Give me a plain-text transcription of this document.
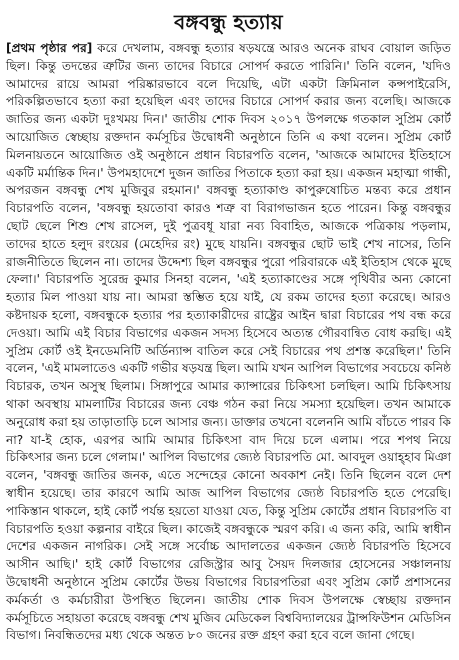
বঙ্গবন্ধু হত্যায়

[প্রথম পৃষ্ঠার পর] করে দেখলাম, বঙ্গবন্ধু হত্যার ষড়যন্ত্রে আরও অনেক রাঘব বোয়াল জড়িত ছিল। কিন্তু তদন্তের ত্রুটির জন্য তাদের বিচারে সোপর্দ করতে পারিনি।' তিনি বলেন, 'যদিও আমাদের রায়ে আমরা পরিষ্কারভাবে বলে দিয়েছি, এটা একটা ক্রিমিনাল কন্সপাইরেসি, পরিকল্পিতভাবে হত্যা করা হয়েছিল এবং তাদের বিচারে সোপর্দ করার জন্য বলেছি। আজকে জাতির জন্য একটা দুঃখময় দিন।' জাতীয় শোক দিবস ২০১৭ উপলক্ষে গতকাল সুপ্রিম কোর্ট আয়োজিত স্বেচ্ছায় রক্তদান কর্মসূচির উদ্বোধনী অনুষ্ঠানে তিনি এ কথা বলেন। সুপ্রিম কোর্ট মিলনায়তনে আয়োজিত ওই অনুষ্ঠানে প্রধান বিচারপতি বলেন, 'আজকে আমাদের ইতিহাসে একটি মর্মান্তিক দিন।' উপমহাদেশে দুজন জাতির পিতাকে হত্যা করা হয়। একজন মহাত্মা গান্ধী, অপরজন বঙ্গবন্ধু শেখ মুজিবুর রহমান।' বঙ্গবন্ধু হত্যাকাণ্ড কাপুরুষোচিত মন্তব্য করে প্রধান বিচারপতি বলেন, 'বঙ্গবন্ধু হয়তোবা কারও শত্রু বা বিরাগভাজন হতে পারেন। কিন্তু বঙ্গবন্ধুর ছোট ছেলে শিশু শেখ রাসেল, দুই পুত্রবধূ যারা নব্য বিবাহিত, আজকে পত্রিকায় পড়লাম, তাদের হাতে হলুদ রংয়ের (মেহেদির রং) মুছে যায়নি। বঙ্গবন্ধুর ছোট ভাই শেখ নাসের, তিনি রাজনীতিতে ছিলেন না। তাদের উদ্দেশ্য ছিল বঙ্গবন্ধুর পুরো পরিবারকে এই ইতিহাস থেকে মুছে ফেলা।' বিচারপতি সুরেন্দ্র কুমার সিনহা বলেন, 'এই হত্যাকাণ্ডের সঙ্গে পৃথিবীর অন্য কোনো হত্যার মিল পাওয়া যায় না। আমরা স্তম্ভিত হয়ে যাই, যে রকম তাদের হত্যা করেছে। আরও কষ্টদায়ক হলো, বঙ্গবন্ধুকে হত্যার পর হত্যাকারীদের রাষ্ট্রের আইন দ্বারা বিচারের পথ বন্ধ করে দেওয়া। আমি এই বিচার বিভাগের একজন সদস্য হিসেবে অত্যন্ত গৌরবান্বিত বোধ করছি। এই সুপ্রিম কোর্ট ওই ইনডেমনিটি অর্ডিন্যান্স বাতিল করে সেই বিচারের পথ প্রশস্ত করেছিল।' তিনি বলেন, 'এই মামলাতেও একটি গভীর ষড়যন্ত্র ছিল। আমি যখন আপিল বিভাগের সবচেয়ে কনিষ্ঠ বিচারক, তখন অসুস্থ ছিলাম। সিঙ্গাপুরে আমার ক্যান্সারের চিকিৎসা চলছিল। আমি চিকিৎসায় থাকা অবস্থায় মামলাটির বিচারের জন্য বেঞ্চ গঠন করা নিয়ে সমস্যা হয়েছিল। তখন আমাকে অনুরোধ করা হয় তাড়াতাড়ি চলে আসার জন্য। ডাক্তার তখনো বলেননি আমি বাঁচতে পারব কি না? যা-ই হোক, এরপর আমি আমার চিকিৎসা বাদ দিয়ে চলে এলাম। পরে শপথ নিয়ে চিকিৎসার জন্য চলে গেলাম।' আপিল বিভাগের জ্যেষ্ঠ বিচারপতি মো. আবদুল ওয়াহ্হাব মিঞা বলেন, 'বঙ্গবন্ধু জাতির জনক, এতে সন্দেহের কোনো অবকাশ নেই। তিনি ছিলেন বলে দেশ স্বাধীন হয়েছে। তার কারণে আমি আজ আপিল বিভাগের জ্যেষ্ঠ বিচারপতি হতে পেরেছি। পাকিস্তান থাকলে, হাই কোর্ট পর্যন্ত হয়তো যাওয়া যেত, কিন্তু সুপ্রিম কোর্টের প্রধান বিচারপতি বা বিচারপতি হওয়া কল্পনার বাইরে ছিল। কাজেই বঙ্গবন্ধুকে স্মরণ করি। এ জন্য করি, আমি স্বাধীন দেশের একজন নাগরিক। সেই সঙ্গে সর্বোচ্চ আদালতের একজন জ্যেষ্ঠ বিচারপতি হিসেবে আসীন আছি।' হাই কোর্ট বিভাগের রেজিস্ট্রার আবু সৈয়দ দিলজার হোসেনের সঞ্চালনায় উদ্বোধনী অনুষ্ঠানে সুপ্রিম কোর্টের উভয় বিভাগের বিচারপতিরা এবং সুপ্রিম কোর্ট প্রশাসনের কর্মকর্তা ও কর্মচারীরা উপস্থিত ছিলেন। জাতীয় শোক দিবস উপলক্ষে স্বেচ্ছায় রক্তদান কর্মসূচিতে সহায়তা করেছে বঙ্গবন্ধু শেখ মুজিব মেডিকেল বিশ্ববিদ্যালয়ের ট্রান্সফিউশন মেডিসিন বিভাগ। নিবন্ধিতদের মধ্য থেকে অন্তত ৮০ জনের রক্ত গ্রহণ করা হবে বলে জানা গেছে।
